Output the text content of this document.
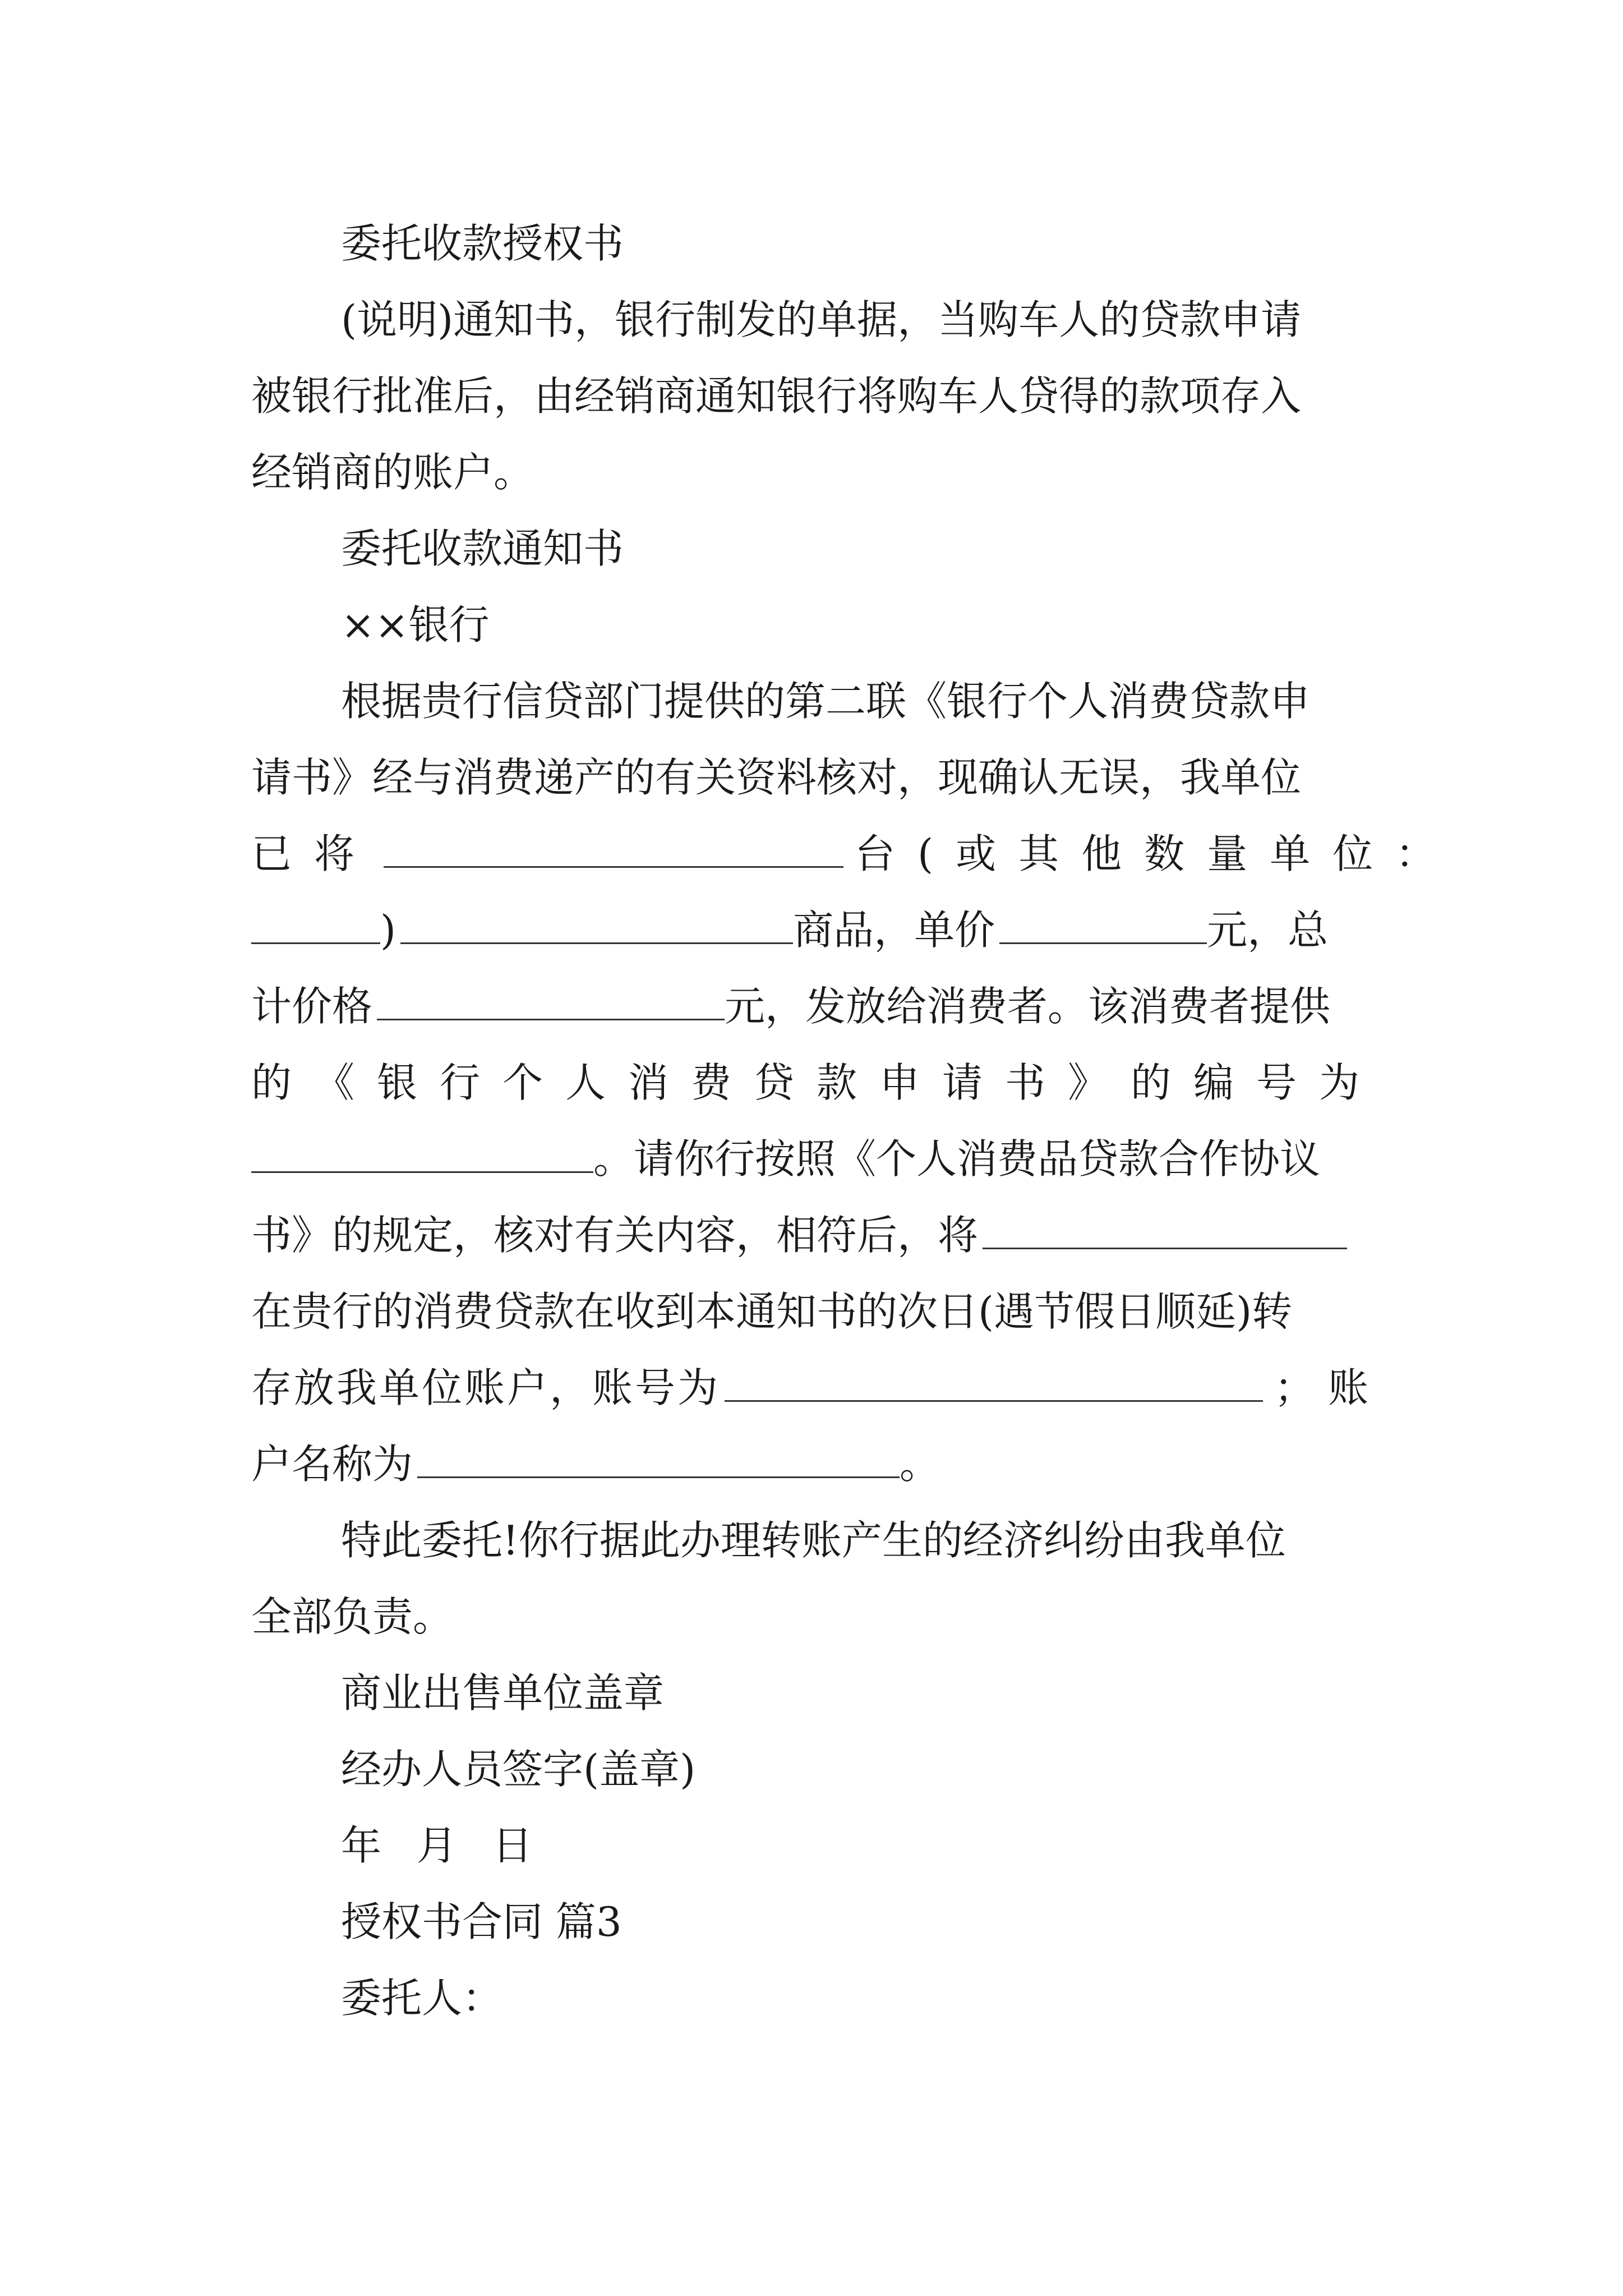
委托收款授权书
(说明)通知书，银行制发的单据，当购车人的贷款申请
被银行批准后，由经销商通知银行将购车人贷得的款项存入
经销商的账户。
委托收款通知书
××银行
根据贵行信贷部门提供的第二联《银行个人消费贷款申
请书》经与消费递产的有关资料核对，现确认无误，我单位
已将	台(或其他数量单位：
)	商品，单价	元，总
计价格	元，发放给消费者。该消费者提供
的《银行个人消费贷款申请书》的编号为
。请你行按照《个人消费品贷款合作协议
书》的规定，核对有关内容，相符后，将
在贵行的消费贷款在收到本通知书的次日(遇节假日顺延)转
存放我单位账户，账号为	；账
户名称为	。
特此委托!你行据此办理转账产生的经济纠纷由我单位
全部负责。
商业出售单位盖章
经办人员签字(盖章)
年 月 日
授权书合同 篇3
委托人：
